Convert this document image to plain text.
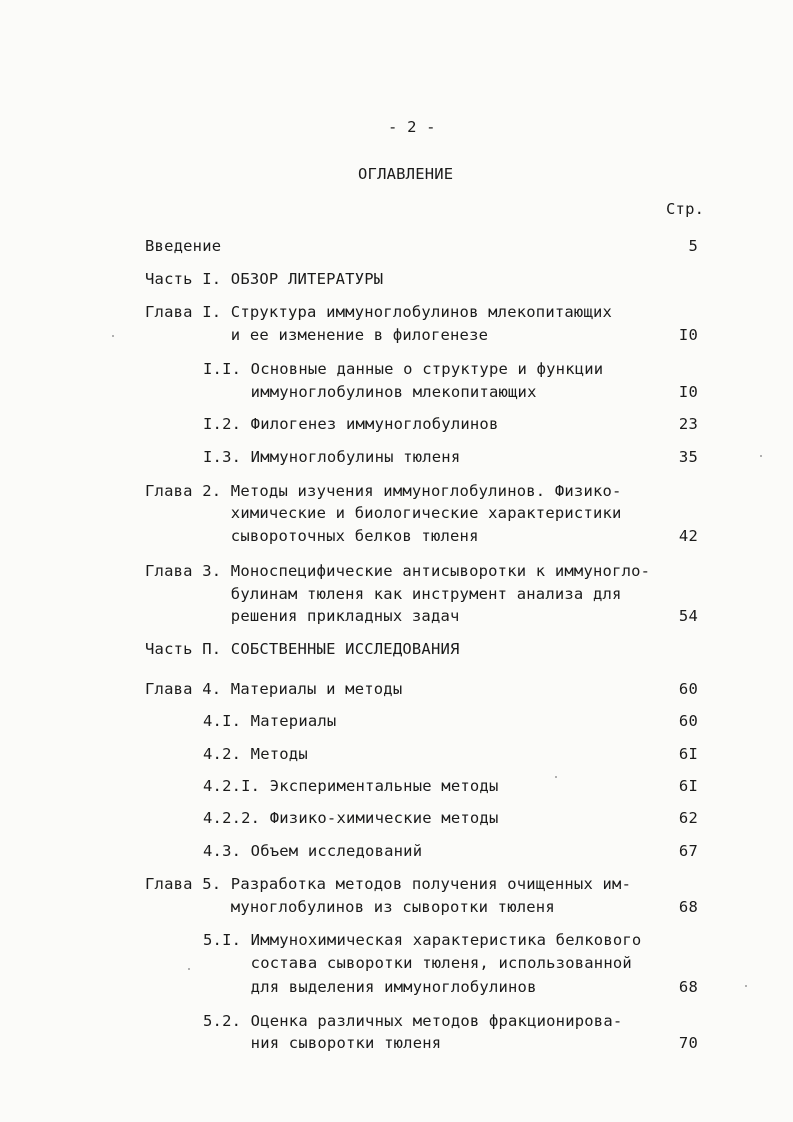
- 2 -
ОГЛАВЛЕНИЕ
Стр.
Введение	5
Часть I. ОБЗОР ЛИТЕРАТУРЫ
Глава I. Структура иммуноглобулинов млекопитающих
и ее изменение в филогенезе	I0
I.I. Основные данные о структуре и функции
иммуноглобулинов млекопитающих	I0
I.2. Филогенез иммуноглобулинов	23
I.3. Иммуноглобулины тюленя	35
Глава 2. Методы изучения иммуноглобулинов. Физико-
химические и биологические характеристики
сывороточных белков тюленя	42
Глава 3. Моноспецифические антисыворотки к иммуногло-
булинам тюленя как инструмент анализа для
решения прикладных задач	54
Часть П. СОБСТВЕННЫЕ ИССЛЕДОВАНИЯ
Глава 4. Материалы и методы	60
4.I. Материалы	60
4.2. Методы	6I
4.2.I. Экспериментальные методы	6I
4.2.2. Физико-химические методы	62
4.3. Объем исследований	67
Глава 5. Разработка методов получения очищенных им-
муноглобулинов из сыворотки тюленя	68
5.I. Иммунохимическая характеристика белкового
состава сыворотки тюленя, использованной
для выделения иммуноглобулинов	68
5.2. Оценка различных методов фракционирова-
ния сыворотки тюленя	70
